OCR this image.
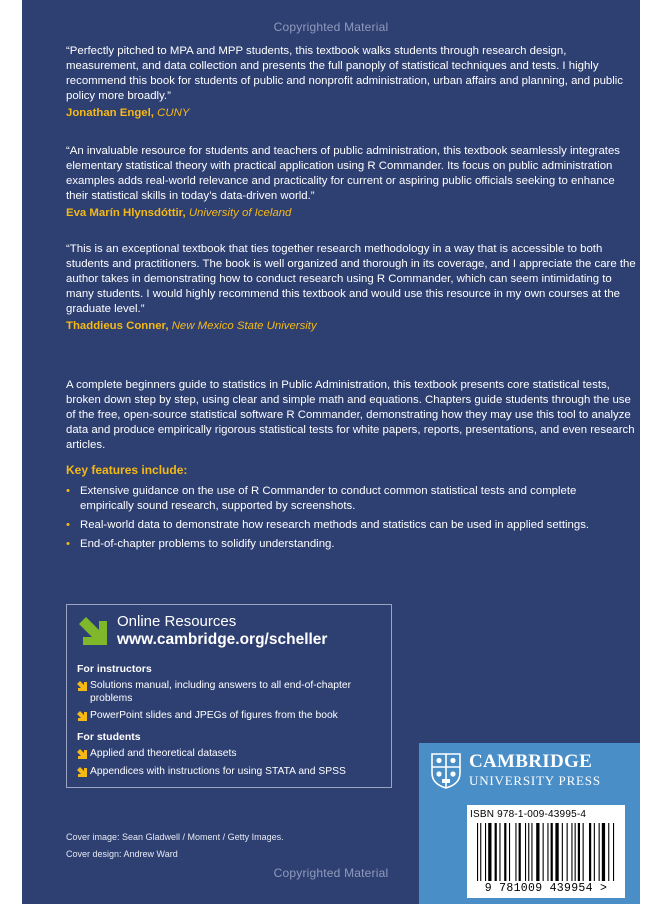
Copyrighted Material
“Perfectly pitched to MPA and MPP students, this textbook walks students through research design, measurement, and data collection and presents the full panoply of statistical techniques and tests. I highly recommend this book for students of public and nonprofit administration, urban affairs and planning, and public policy more broadly.”
Jonathan Engel, CUNY
“An invaluable resource for students and teachers of public administration, this textbook seamlessly integrates elementary statistical theory with practical application using R Commander. Its focus on public administration examples adds real-world relevance and practicality for current or aspiring public officials seeking to enhance their statistical skills in today’s data-driven world.”
Eva Marín Hlynsdóttir, University of Iceland
“This is an exceptional textbook that ties together research methodology in a way that is accessible to both students and practitioners. The book is well organized and thorough in its coverage, and I appreciate the care the author takes in demonstrating how to conduct research using R Commander, which can seem intimidating to many students. I would highly recommend this textbook and would use this resource in my own courses at the graduate level.”
Thaddieus Conner, New Mexico State University
A complete beginners guide to statistics in Public Administration, this textbook presents core statistical tests, broken down step by step, using clear and simple math and equations. Chapters guide students through the use of the free, open-source statistical software R Commander, demonstrating how they may use this tool to analyze data and produce empirically rigorous statistical tests for white papers, reports, presentations, and even research articles.
Key features include:
• Extensive guidance on the use of R Commander to conduct common statistical tests and complete empirically sound research, supported by screenshots.
• Real-world data to demonstrate how research methods and statistics can be used in applied settings.
• End-of-chapter problems to solidify understanding.
Online Resources
www.cambridge.org/scheller
For instructors
Solutions manual, including answers to all end-of-chapter problems
PowerPoint slides and JPEGs of figures from the book
For students
Applied and theoretical datasets
Appendices with instructions for using STATA and SPSS
Cover image: Sean Gladwell / Moment / Getty Images.
Cover design: Andrew Ward
Copyrighted Material
CAMBRIDGE
UNIVERSITY PRESS
ISBN 978-1-009-43995-4
9 781009 439954 >
